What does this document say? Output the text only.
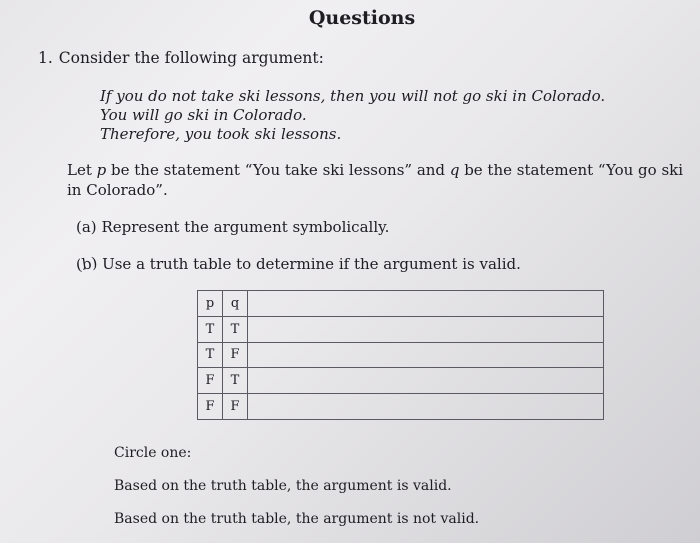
Questions
1. Consider the following argument:
If you do not take ski lessons, then you will not go ski in Colorado.
You will go ski in Colorado.
Therefore, you took ski lessons.
Let p be the statement “You take ski lessons” and q be the statement “You go ski in Colorado”.
(a) Represent the argument symbolically.
(b) Use a truth table to determine if the argument is valid.
p	q	
T	T	
T	F	
F	T	
F	F	
Circle one:
Based on the truth table, the argument is valid.
Based on the truth table, the argument is not valid.
